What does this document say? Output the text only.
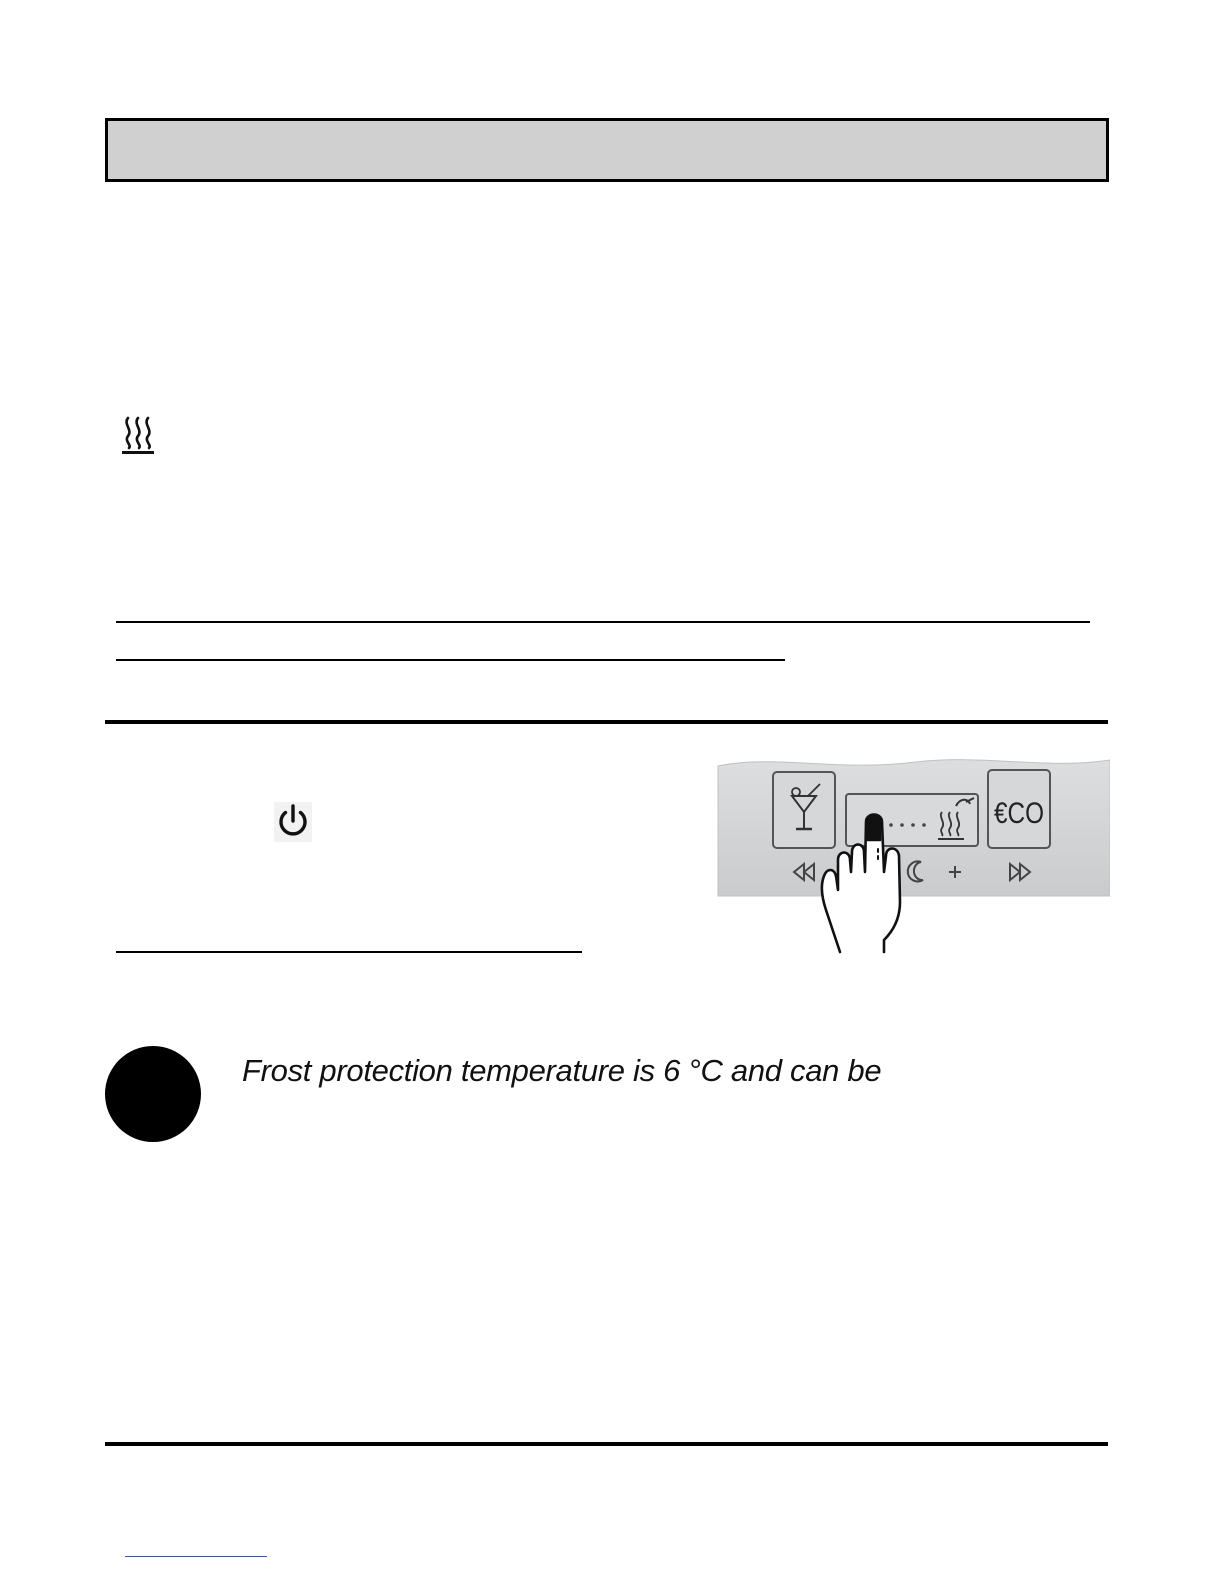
€CO
Frost protection temperature is 6 °C and can be
